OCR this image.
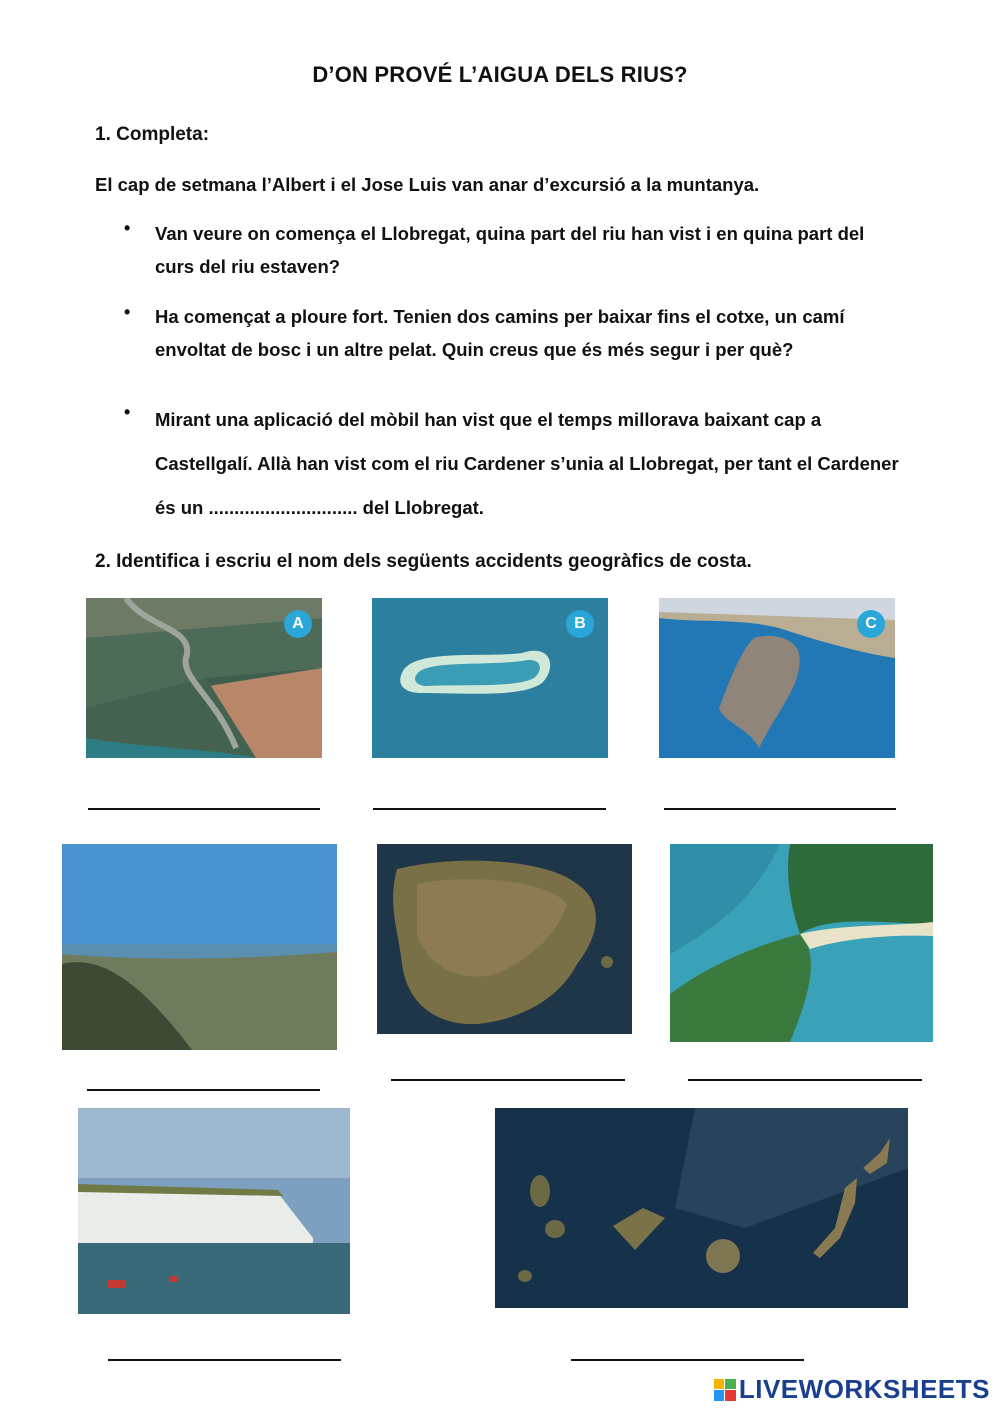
D’ON PROVÉ L’AIGUA DELS RIUS?
1. Completa:
El cap de setmana l’Albert i el Jose Luis van anar d’excursió a la muntanya.
• Van veure on comença el Llobregat, quina part del riu han vist i en quina part del curs del riu estaven?
• Ha començat a ploure fort. Tenien dos camins per baixar fins el cotxe, un camí envoltat de bosc i un altre pelat. Quin creus que és més segur i per què?
• Mirant una aplicació del mòbil han vist que el temps millorava baixant cap a Castellgalí. Allà han vist com el riu Cardener s’unia al Llobregat, per tant el Cardener és un ............................. del Llobregat.
2. Identifica i escriu el nom dels següents accidents geogràfics de costa.
A	B	C
LIVEWORKSHEETS
